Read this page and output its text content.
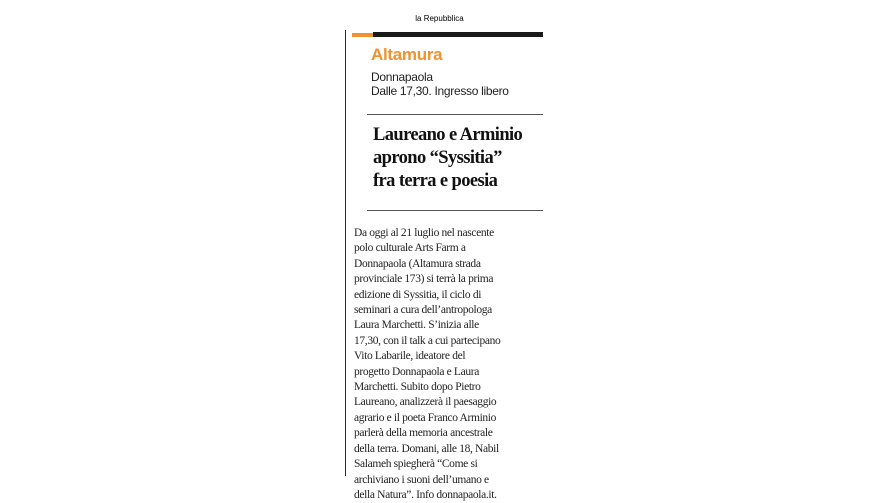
la Repubblica
Altamura
Donnapaola
Dalle 17,30. Ingresso libero
Laureano e Arminio
aprono “Syssitia”
fra terra e poesia
Da oggi al 21 luglio nel nascente
polo culturale Arts Farm a
Donnapaola (Altamura strada
provinciale 173) si terrà la prima
edizione di Syssitia, il ciclo di
seminari a cura dell’antropologa
Laura Marchetti. S’inizia alle
17,30, con il talk a cui partecipano
Vito Labarile, ideatore del
progetto Donnapaola e Laura
Marchetti. Subito dopo Pietro
Laureano, analizzerà il paesaggio
agrario e il poeta Franco Arminio
parlerà della memoria ancestrale
della terra. Domani, alle 18, Nabil
Salameh spiegherà “Come si
archiviano i suoni dell’umano e
della Natura”. Info donnapaola.it.
